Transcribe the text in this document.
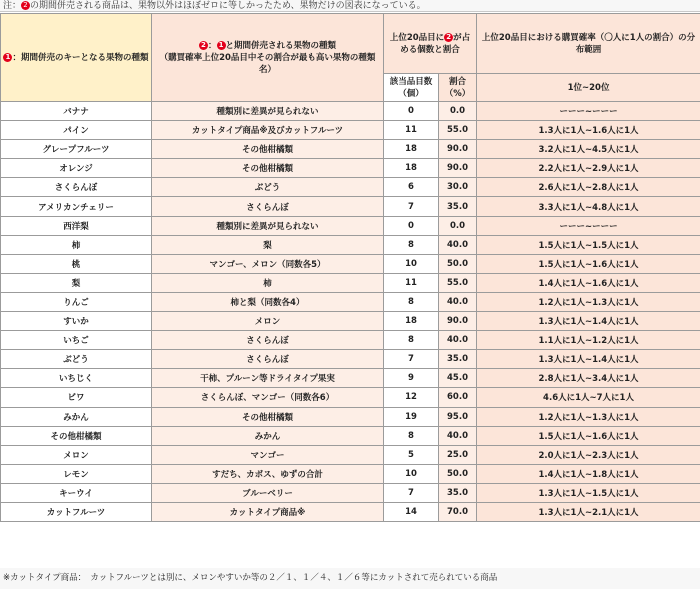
注： 2 の期間併売される商品は、果物以外はほぼゼロに等しかったため、果物だけの図表になっている。
1 ：期間併売のキーとなる果物の種類	2 ： 1 と期間併売される果物の種類
（購買確率上位20品目中その割合が最も高い果物の種類名）	上位20品目に 2 が占める個数と割合		上位20品目における購買確率（〇人に1人の割合）の分布範囲
		該当品目数（個）	割合（%）	1位~20位
バナナ	種類別に差異が見られない	0	0.0	ーーー~ーーー
パイン	カットタイプ商品※及びカットフルーツ	11	55.0	1.3人に1人~1.6人に1人
グレープフルーツ	その他柑橘類	18	90.0	3.2人に1人~4.5人に1人
オレンジ	その他柑橘類	18	90.0	2.2人に1人~2.9人に1人
さくらんぼ	ぶどう	6	30.0	2.6人に1人~2.8人に1人
アメリカンチェリー	さくらんぼ	7	35.0	3.3人に1人~4.8人に1人
西洋梨	種類別に差異が見られない	0	0.0	ーーー~ーーー
柿	梨	8	40.0	1.5人に1人~1.5人に1人
桃	マンゴー、メロン（同数各5）	10	50.0	1.5人に1人~1.6人に1人
梨	柿	11	55.0	1.4人に1人~1.6人に1人
りんご	柿と梨（同数各4）	8	40.0	1.2人に1人~1.3人に1人
すいか	メロン	18	90.0	1.3人に1人~1.4人に1人
いちご	さくらんぼ	8	40.0	1.1人に1人~1.2人に1人
ぶどう	さくらんぼ	7	35.0	1.3人に1人~1.4人に1人
いちじく	干柿、プルーン等ドライタイプ果実	9	45.0	2.8人に1人~3.4人に1人
ビワ	さくらんぼ、マンゴー（同数各6）	12	60.0	4.6人に1人~7人に1人
みかん	その他柑橘類	19	95.0	1.2人に1人~1.3人に1人
その他柑橘類	みかん	8	40.0	1.5人に1人~1.6人に1人
メロン	マンゴー	5	25.0	2.0人に1人~2.3人に1人
レモン	すだち、カボス、ゆずの合計	10	50.0	1.4人に1人~1.8人に1人
キーウイ	ブルーベリー	7	35.0	1.3人に1人~1.5人に1人
カットフルーツ	カットタイプ商品※	14	70.0	1.3人に1人~2.1人に1人
※カットタイプ商品：　カットフルーツとは別に、メロンやすいか等の２／１、１／４、１／６等にカットされて売られている商品
